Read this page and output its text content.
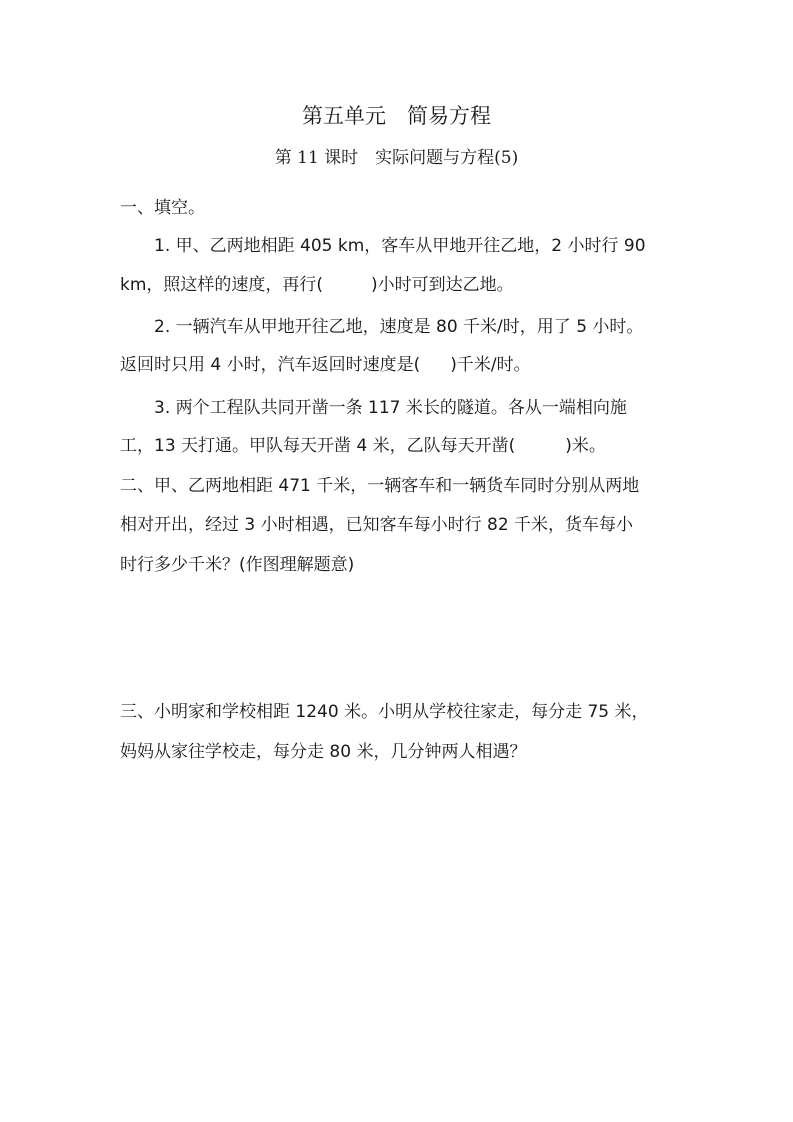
第五单元　简易方程
第 11 课时　实际问题与方程(5)
一、填空。
1. 甲、乙两地相距 405 km，客车从甲地开往乙地，2 小时行 90
km，照这样的速度，再行(	)小时可到达乙地。
2. 一辆汽车从甲地开往乙地，速度是 80 千米/时，用了 5 小时。
返回时只用 4 小时，汽车返回时速度是( )千米/时。
3. 两个工程队共同开凿一条 117 米长的隧道。各从一端相向施
工，13 天打通。甲队每天开凿 4 米，乙队每天开凿(	)米。
二、甲、乙两地相距 471 千米，一辆客车和一辆货车同时分别从两地
相对开出，经过 3 小时相遇，已知客车每小时行 82 千米，货车每小
时行多少千米？(作图理解题意)
三、小明家和学校相距 1240 米。小明从学校往家走，每分走 75 米，
妈妈从家往学校走，每分走 80 米，几分钟两人相遇？
